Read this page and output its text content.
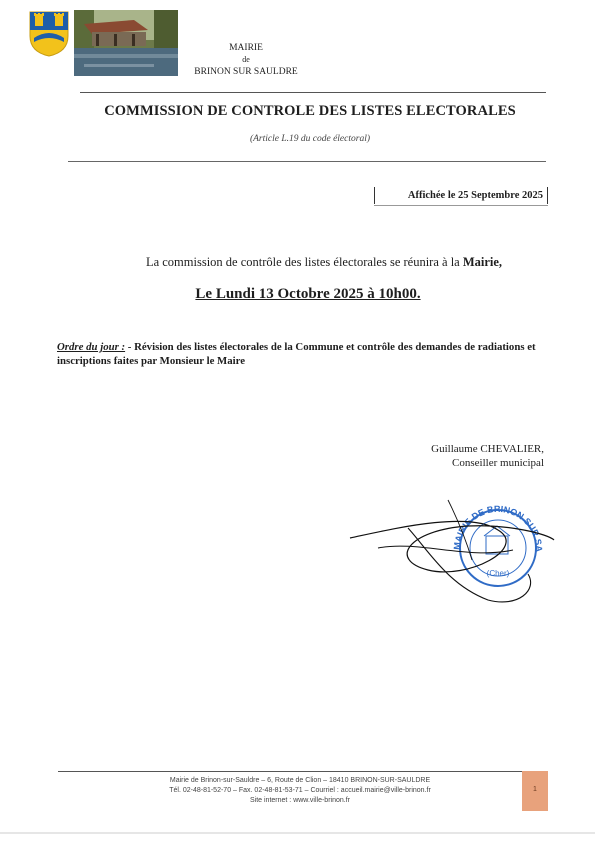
MAIRIE
de
BRINON SUR SAULDRE
COMMISSION DE CONTROLE DES LISTES ELECTORALES
(Article L.19 du code électoral)
Affichée le 25 Septembre 2025
La commission de contrôle des listes électorales se réunira à la Mairie,
Le Lundi 13 Octobre 2025 à 10h00.
Ordre du jour : - Révision des listes électorales de la Commune et contrôle des demandes de radiations et inscriptions faites par Monsieur le Maire
Guillaume CHEVALIER,
Conseiller municipal
MAIRIE DE BRINON SUR SA
(Cher)
Mairie de Brinon-sur-Sauldre – 6, Route de Clion – 18410 BRINON-SUR-SAULDRE
Tél. 02-48-81-52-70 – Fax. 02-48-81-53-71 – Courriel : accueil.mairie@ville-brinon.fr
Site internet : www.ville-brinon.fr
1
